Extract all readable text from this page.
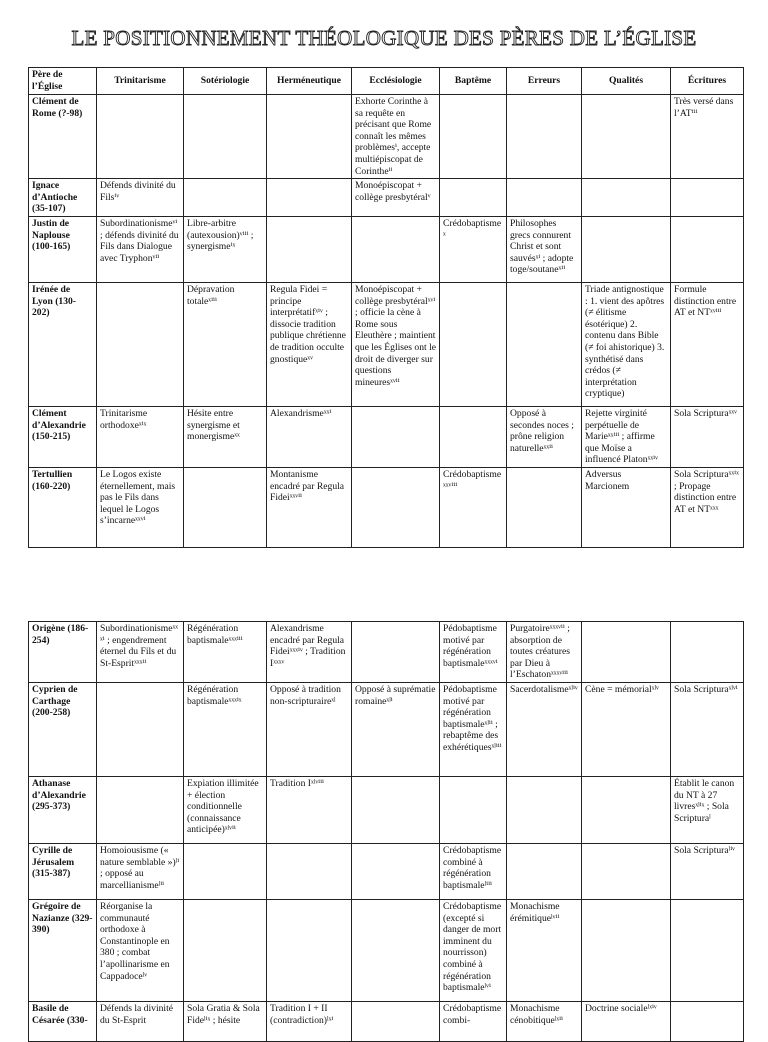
LE POSITIONNEMENT THÉOLOGIQUE DES PÈRES DE L’ÉGLISE
Père de l’Église	Trinitarisme	Sotériologie	Herméneutique	Ecclésiologie	Baptême	Erreurs	Qualités	Écritures
Clément de Rome (?-98)				Exhorte Corinthe à sa requête en précisant que Rome connaît les mêmes problèmesⁱ, accepte multiépiscopat de Corintheⁱⁱ				Très versé dans l’ATⁱⁱⁱ
Ignace d’Antioche (35-107)	Défends divinité du Filsⁱᵛ			Monoépiscopat + collège presbytéralᵛ				
Justin de Naplouse (100-165)	Subordinationismeᵛⁱ ; défends divinité du Fils dans Dialogue avec Tryphonᵛⁱⁱ	Libre-arbitre (autexousion)ᵛⁱⁱⁱ ; synergismeⁱˣ			Crédobaptismeˣ	Philosophes grecs connurent Christ et sont sauvésˣⁱ ; adopte toge/soutaneˣⁱⁱ		
Irénée de Lyon (130-202)		Dépravation totaleˣⁱⁱⁱ	Regula Fidei = principe interprétatifˣⁱᵛ ; dissocie tradition publique chrétienne de tradition occulte gnostiqueˣᵛ	Monoépiscopat + collège presbytéralˣᵛⁱ ; officie la cène à Rome sous Eleuthère ; maintient que les Églises ont le droit de diverger sur questions mineuresˣᵛⁱⁱ			Triade antignostique : 1. vient des apôtres (≠ élitisme ésotérique) 2. contenu dans Bible (≠ foi ahistorique) 3. synthétisé dans crédos (≠ interprétation cryptique)	Formule distinction entre AT et NTˣᵛⁱⁱⁱ
Clément d’Alexandrie (150-215)	Trinitarisme orthodoxeˣⁱˣ	Hésite entre synergisme et monergismeˣˣ	Alexandrismeˣˣⁱ			Opposé à secondes noces ; prône religion naturelleˣˣⁱⁱ	Rejette virginité perpétuelle de Marieˣˣⁱⁱⁱ ; affirme que Moïse a influencé Platonˣˣⁱᵛ	Sola Scripturaˣˣᵛ
Tertullien (160-220)	Le Logos existe éternellement, mais pas le Fils dans lequel le Logos s’incarneˣˣᵛⁱ		Montanisme encadré par Regula Fideiˣˣᵛⁱⁱ		Crédobaptismeˣˣᵛⁱⁱⁱ		Adversus Marcionem	Sola Scripturaˣˣⁱˣ ; Propage distinction entre AT et NTˣˣˣ
Origène (186-254)	Subordinationismeˣˣˣⁱ ; engendrement éternel du Fils et du St-Espritˣˣˣⁱⁱ	Régénération baptismaleˣˣˣⁱⁱⁱ	Alexandrisme encadré par Regula Fideiˣˣˣⁱᵛ ; Tradition Iˣˣˣᵛ		Pédobaptisme motivé par régénération baptismaleˣˣˣᵛⁱ	Purgatoireˣˣˣᵛⁱⁱ ; absorption de toutes créatures par Dieu à l’Eschatonˣˣˣᵛⁱⁱⁱ		
Cyprien de Carthage (200-258)		Régénération baptismaleˣˣˣⁱˣ	Opposé à tradition non-scripturaireˣˡ	Opposé à suprématie romaineˣˡⁱ	Pédobaptisme motivé par régénération baptismaleˣˡⁱⁱ ; rebaptême des exhérétiquesˣˡⁱⁱⁱ	Sacerdotalismeˣˡⁱᵛ	Cène = mémorialˣˡᵛ	Sola Scripturaˣˡᵛⁱ
Athanase d’Alexandrie (295-373)		Expiation illimitée + élection conditionnelle (connaissance anticipée)ˣˡᵛⁱⁱ	Tradition Iˣˡᵛⁱⁱⁱ					Établit le canon du NT à 27 livresˣˡⁱˣ ; Sola Scripturaˡ
Cyrille de Jérusalem (315-387)	Homoiousisme (« nature semblable »)ˡⁱ ; opposé au marcellianismeˡⁱⁱ				Crédobaptisme combiné à régénération baptismaleˡⁱⁱⁱ			Sola Scripturaˡⁱᵛ
Grégoire de Nazianze (329-390)	Réorganise la communauté orthodoxe à Constantinople en 380 ; combat l’apollinarisme en Cappadoceˡᵛ				Crédobaptisme (excepté si danger de mort imminent du nourrisson) combiné à régénération baptismaleˡᵛⁱ	Monachisme érémitiqueˡᵛⁱⁱ		
Basile de Césarée (330-	Défends la divinité du St-Esprit	Sola Gratia & Sola Fideˡⁱˣ ; hésite	Tradition I + II (contradiction)ˡˣⁱ		Crédobaptisme combi-	Monachisme cénobitiqueˡˣⁱⁱ	Doctrine socialeˡˣⁱᵛ	
